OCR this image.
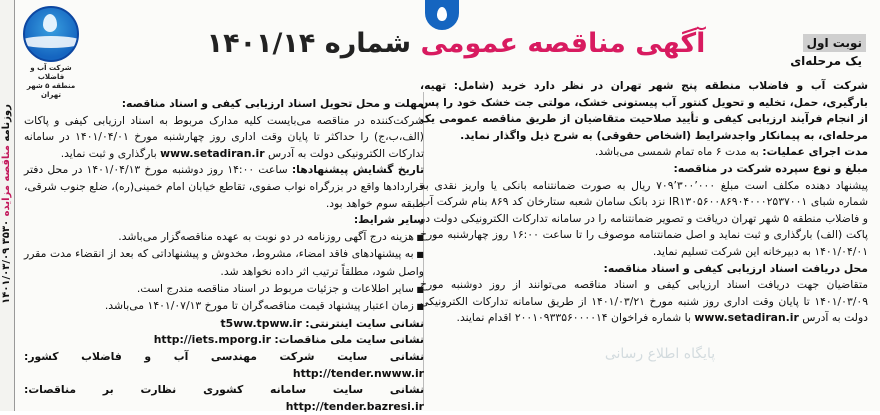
روزنامه مناقصه مزایده ۳۵۳۰ ۱۴۰۱/۰۳/۰۹
شرکت آب و فاضلاب
منطقه ۵ شهر تهران
آگهی مناقصه عمومی شماره ۱۴۰۱/۱۴	نوبت اول
یک مرحله‌ای

شرکت آب و فاضلاب منطقه پنج شهر تهران در نظر دارد خرید (شامل: تهیه، بارگیری، حمل، تخلیه و تحویل کنتور آب پیستونی خشک، مولتی جت خشک خود را پس از انجام فرآیند ارزیابی کیفی و تأیید صلاحیت متقاضیان از طریق مناقصه عمومی یک مرحله‌ای، به پیمانکار واجدشرایط (اشخاص حقوقی) به شرح ذیل واگذار نماید.

مدت اجرای عملیات: به مدت ۶ ماه تمام شمسی می‌باشد.

مبلغ و نوع سپرده شرکت در مناقصه:

پیشنهاد دهنده مکلف است مبلغ ۷۰۹٬۳۰۰٬۰۰۰ ریال به صورت ضمانتنامه بانکی یا واریز نقدی به شماره شبای IR۱۳۰۵۶۰۰۸۶۹۰۴۰۰۰۲۵۳۷۰۰۱ نزد بانک سامان شعبه ستارخان کد ۸۶۹ بنام شرکت آب و فاضلاب منطقه ۵ شهر تهران دریافت و تصویر ضمانتنامه را در سامانه تدارکات الکترونیکی دولت در پاکت (الف) بارگذاری و ثبت نماید و اصل ضمانتنامه موصوف را تا ساعت ۱۶:۰۰ روز چهارشنبه مورخ ۱۴۰۱/۰۴/۰۱ به دبیرخانه این شرکت تسلیم نماید.

محل دریافت اسناد ارزیابی کیفی و اسناد مناقصه:

متقاضیان جهت دریافت اسناد ارزیابی کیفی و اسناد مناقصه می‌توانند از روز دوشنبه مورخ ۱۴۰۱/۰۳/۰۹ تا پایان وقت اداری روز شنبه مورخ ۱۴۰۱/۰۳/۲۱ از طریق سامانه تدارکات الکترونیکی دولت به آدرس www.setadiran.ir با شماره فراخوان ۲۰۰۱۰۹۳۳۵۶۰۰۰۰۱۴ اقدام نمایند.

مهلت و محل تحویل اسناد ارزیابی کیفی و اسناد مناقصه:

شرکت‌کننده در مناقصه می‌بایست کلیه مدارک مربوط به اسناد ارزیابی کیفی و پاکات (الف،ب،ج) را حداکثر تا پایان وقت اداری روز چهارشنبه مورخ ۱۴۰۱/۰۴/۰۱ در سامانه تدارکات الکترونیکی دولت به آدرس www.setadiran.ir بارگذاری و ثبت نماید.

تاریخ گشایش پیشنهادها: ساعت ۱۴:۰۰ روز دوشنبه مورخ ۱۴۰۱/۰۴/۱۳ در محل دفتر قراردادها واقع در بزرگراه نواب صفوی، تقاطع خیابان امام خمینی(ره)، ضلع جنوب شرقی، طبقه سوم خواهد بود.

سایر شرایط:

■ هزینه درج آگهی روزنامه در دو نوبت به عهده مناقصه‌گزار می‌باشد.

■ به پیشنهادهای فاقد امضاء، مشروط، مخدوش و پیشنهاداتی که بعد از انقضاء مدت مقرر واصل شود، مطلقاً ترتیب اثر داده نخواهد شد.

■ سایر اطلاعات و جزئیات مربوط در اسناد مناقصه مندرج است.

■ زمان اعتبار پیشنهاد قیمت مناقصه‌گران تا مورخ ۱۴۰۱/۰۷/۱۳ می‌باشد.

نشانی سایت اینترنتی: t5ww.tpww.ir

نشانی سایت ملی مناقصات: http://iets.mporg.ir

نشانی سایت شرکت مهندسی آب و فاضلاب کشور: http://tender.nwww.ir

نشانی سایت سامانه کشوری نظارت بر مناقصات: http://tender.bazresi.ir

پایگاه اطلاع رسانی
